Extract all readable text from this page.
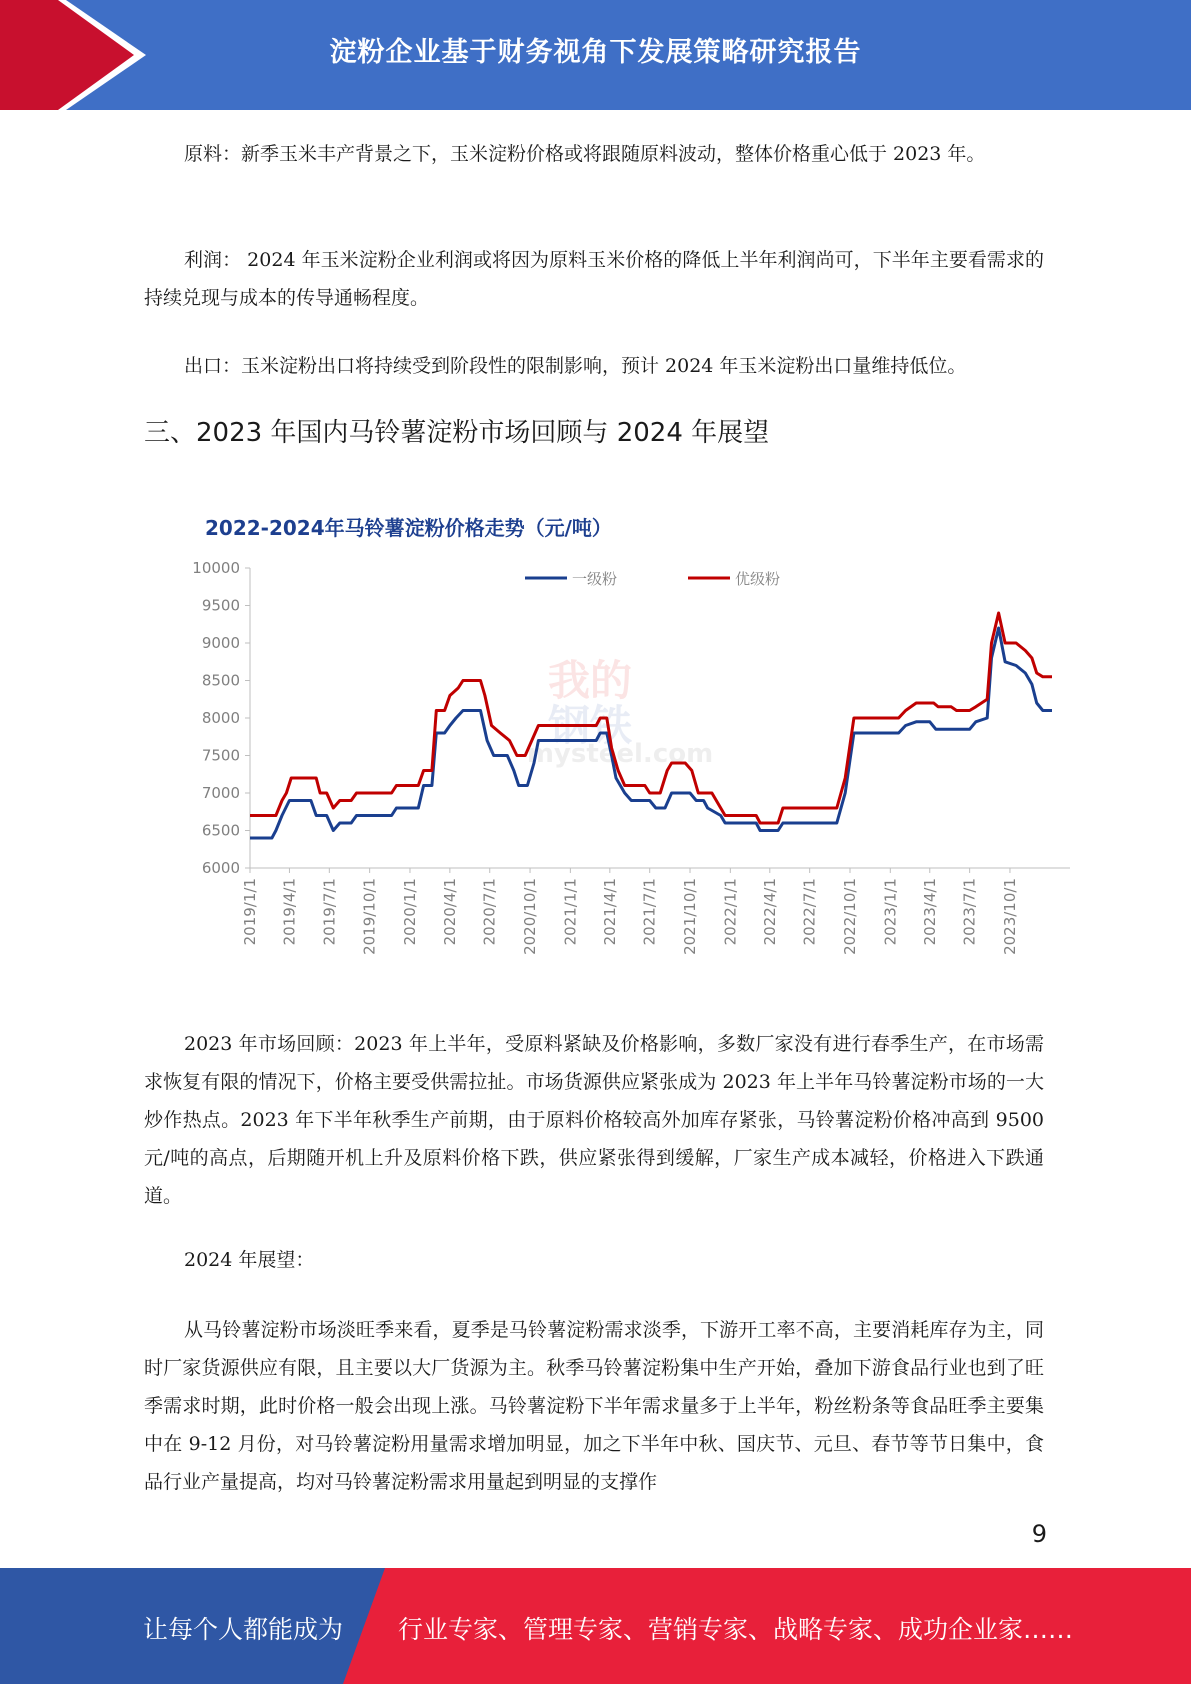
淀粉企业基于财务视角下发展策略研究报告

原料：新季玉米丰产背景之下，玉米淀粉价格或将跟随原料波动，整体价格重心低于 2023 年。

利润： 2024 年玉米淀粉企业利润或将因为原料玉米价格的降低上半年利润尚可，下半年主要看需求的持续兑现与成本的传导通畅程度。

出口：玉米淀粉出口将持续受到阶段性的限制影响，预计 2024 年玉米淀粉出口量维持低位。

三、2023 年国内马铃薯淀粉市场回顾与 2024 年展望
我的
钢铁
mysteel.com
6000
6500
7000
7500
8000
8500
9000
9500
10000
2019/1/1 2019/4/1 2019/7/1 2019/10/1 2020/1/1 2020/4/1 2020/7/1 2020/10/1 2021/1/1 2021/4/1 2021/7/1 2021/10/1 2022/1/1 2022/4/1 2022/7/1 2022/10/1 2023/1/1 2023/4/1 2023/7/1 2023/10/1
一级粉	优级粉
2022-2024年马铃薯淀粉价格走势（元/吨）

2023 年市场回顾：2023 年上半年，受原料紧缺及价格影响，多数厂家没有进行春季生产，在市场需求恢复有限的情况下，价格主要受供需拉扯。市场货源供应紧张成为 2023 年上半年马铃薯淀粉市场的一大炒作热点。2023 年下半年秋季生产前期，由于原料价格较高外加库存紧张，马铃薯淀粉价格冲高到 9500 元/吨的高点，后期随开机上升及原料价格下跌，供应紧张得到缓解，厂家生产成本减轻，价格进入下跌通道。

2024 年展望：

从马铃薯淀粉市场淡旺季来看，夏季是马铃薯淀粉需求淡季，下游开工率不高，主要消耗库存为主，同时厂家货源供应有限，且主要以大厂货源为主。秋季马铃薯淀粉集中生产开始，叠加下游食品行业也到了旺季需求时期，此时价格一般会出现上涨。马铃薯淀粉下半年需求量多于上半年，粉丝粉条等食品旺季主要集中在 9-12 月份，对马铃薯淀粉用量需求增加明显，加之下半年中秋、国庆节、元旦、春节等节日集中，食品行业产量提高，均对马铃薯淀粉需求用量起到明显的支撑作

9
让每个人都能成为 行业专家、管理专家、营销专家、战略专家、成功企业家……
